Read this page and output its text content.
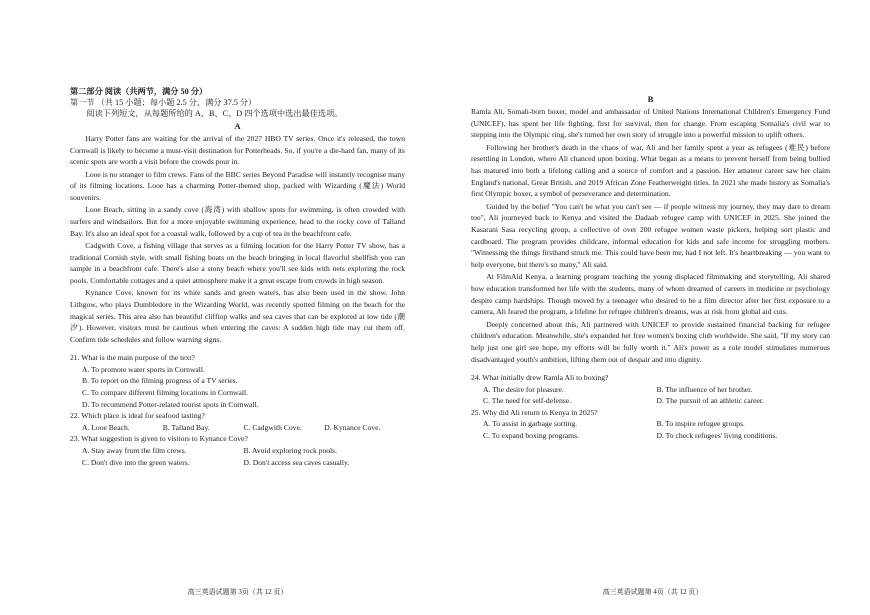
第二部分 阅读（共两节，满分 50 分）

第一节 （共 15 小题；每小题 2.5 分，满分 37.5 分）

阅读下列短文，从每题所给的 A、B、C、D 四个选项中选出最佳选项。

A

Harry Potter fans are waiting for the arrival of the 2027 HBO TV series. Once it's released, the town Cornwall is likely to become a must-visit destination for Potterheads. So, if you're a die-hard fan, many of its scenic spots are worth a visit before the crowds pour in.

Looe is no stranger to film crews. Fans of the BBC series Beyond Paradise will instantly recognise many of its filming locations. Looe has a charming Potter-themed shop, packed with Wizarding (魔法) World souvenirs.

Looe Beach, sitting in a sandy cove (海湾) with shallow spots for swimming, is often crowded with surfers and windsailors. But for a more enjoyable swimming experience, head to the rocky cove of Talland Bay. It's also an ideal spot for a coastal walk, followed by a cup of tea in the beachfront cafe.

Cadgwith Cove, a fishing village that serves as a filming location for the Harry Potter TV show, has a traditional Cornish style, with small fishing boats on the beach bringing in local flavorful shellfish you can sample in a beachfront cafe. There's also a stony beach where you'll see kids with nets exploring the rock pools. Comfortable cottages and a quiet atmosphere make it a great escape from crowds in high season.

Kynance Cove, known for its white sands and green waters, has also been used in the show. John Lithgow, who plays Dumbledore in the Wizarding World, was recently spotted filming on the beach for the magical series. This area also has beautiful clifftop walks and sea caves that can be explored at low tide (潮汐). However, visitors must be cautious when entering the caves: A sudden high tide may cut them off. Confirm tide schedules and follow warning signs.

21. What is the main purpose of the text?

A. To promote water sports in Cornwall.

B. To report on the filming progress of a TV series.

C. To compare different filming locations in Cornwall.

D. To recommend Potter-related tourist spots in Cornwall.

22. Which place is ideal for seafood tasting?

A. Looe Beach.	B. Talland Bay.	C. Cadgwith Cove.	D. Kynance Cove.

23. What suggestion is given to visitors to Kynance Cove?

A. Stay away from the film crews.	B. Avoid exploring rock pools.
C. Don't dive into the green waters.	D. Don't access sea caves casually.
高三英语试题第 3页（共 12 页）

B

Ramla Ali, Somali-born boxer, model and ambassador of United Nations International Children's Emergency Fund (UNICEF), has spent her life fighting, first for survival, then for change. From escaping Somalia's civil war to stepping into the Olympic ring, she's turned her own story of struggle into a powerful mission to uplift others.

Following her brother's death in the chaos of war, Ali and her family spent a year as refugees (难民) before resettling in London, where Ali chanced upon boxing. What began as a means to prevent herself from being bullied has matured into both a lifelong calling and a source of comfort and a passion. Her amateur career saw her claim England's national, Great British, and 2019 African Zone Featherweight titles. In 2021 she made history as Somalia's first Olympic boxer, a symbol of perseverance and determination.

Guided by the belief "You can't be what you can't see — if people witness my journey, they may dare to dream too", Ali journeyed back to Kenya and visited the Dadaab refugee camp with UNICEF in 2025. She joined the Kasarani Sasa recycling group, a collective of over 200 refugee women waste pickers, helping sort plastic and cardboard. The program provides childcare, informal education for kids and safe income for struggling mothers. "Witnessing the things firsthand struck me. This could have been me, had I not left. It's heartbreaking — you want to help everyone, but there's so many," Ali said.

At FilmAid Kenya, a learning program teaching the young displaced filmmaking and storytelling, Ali shared how education transformed her life with the students, many of whom dreamed of careers in medicine or psychology despite camp hardships. Though moved by a teenager who desired to be a film director after her first exposure to a camera, Ali feared the program, a lifeline for refugee children's dreams, was at risk from global aid cuts.

Deeply concerned about this, Ali partnered with UNICEF to provide sustained financial backing for refugee children's education. Meanwhile, she's expanded her free women's boxing club worldwide. She said, "If my story can help just one girl see hope, my efforts will be fully worth it." Ali's power as a role model stimulates numerous disadvantaged youth's ambition, lifting them out of despair and into dignity.

24. What initially drew Ramla Ali to boxing?

A. The desire for pleasure.	B. The influence of her brother.
C. The need for self-defense.	D. The pursuit of an athletic career.

25. Why did Ali return to Kenya in 2025?

A. To assist in garbage sorting.	B. To inspire refugee groups.
C. To expand boxing programs.	D. To check refugees' living conditions.
高三英语试题第 4页（共 12 页）
